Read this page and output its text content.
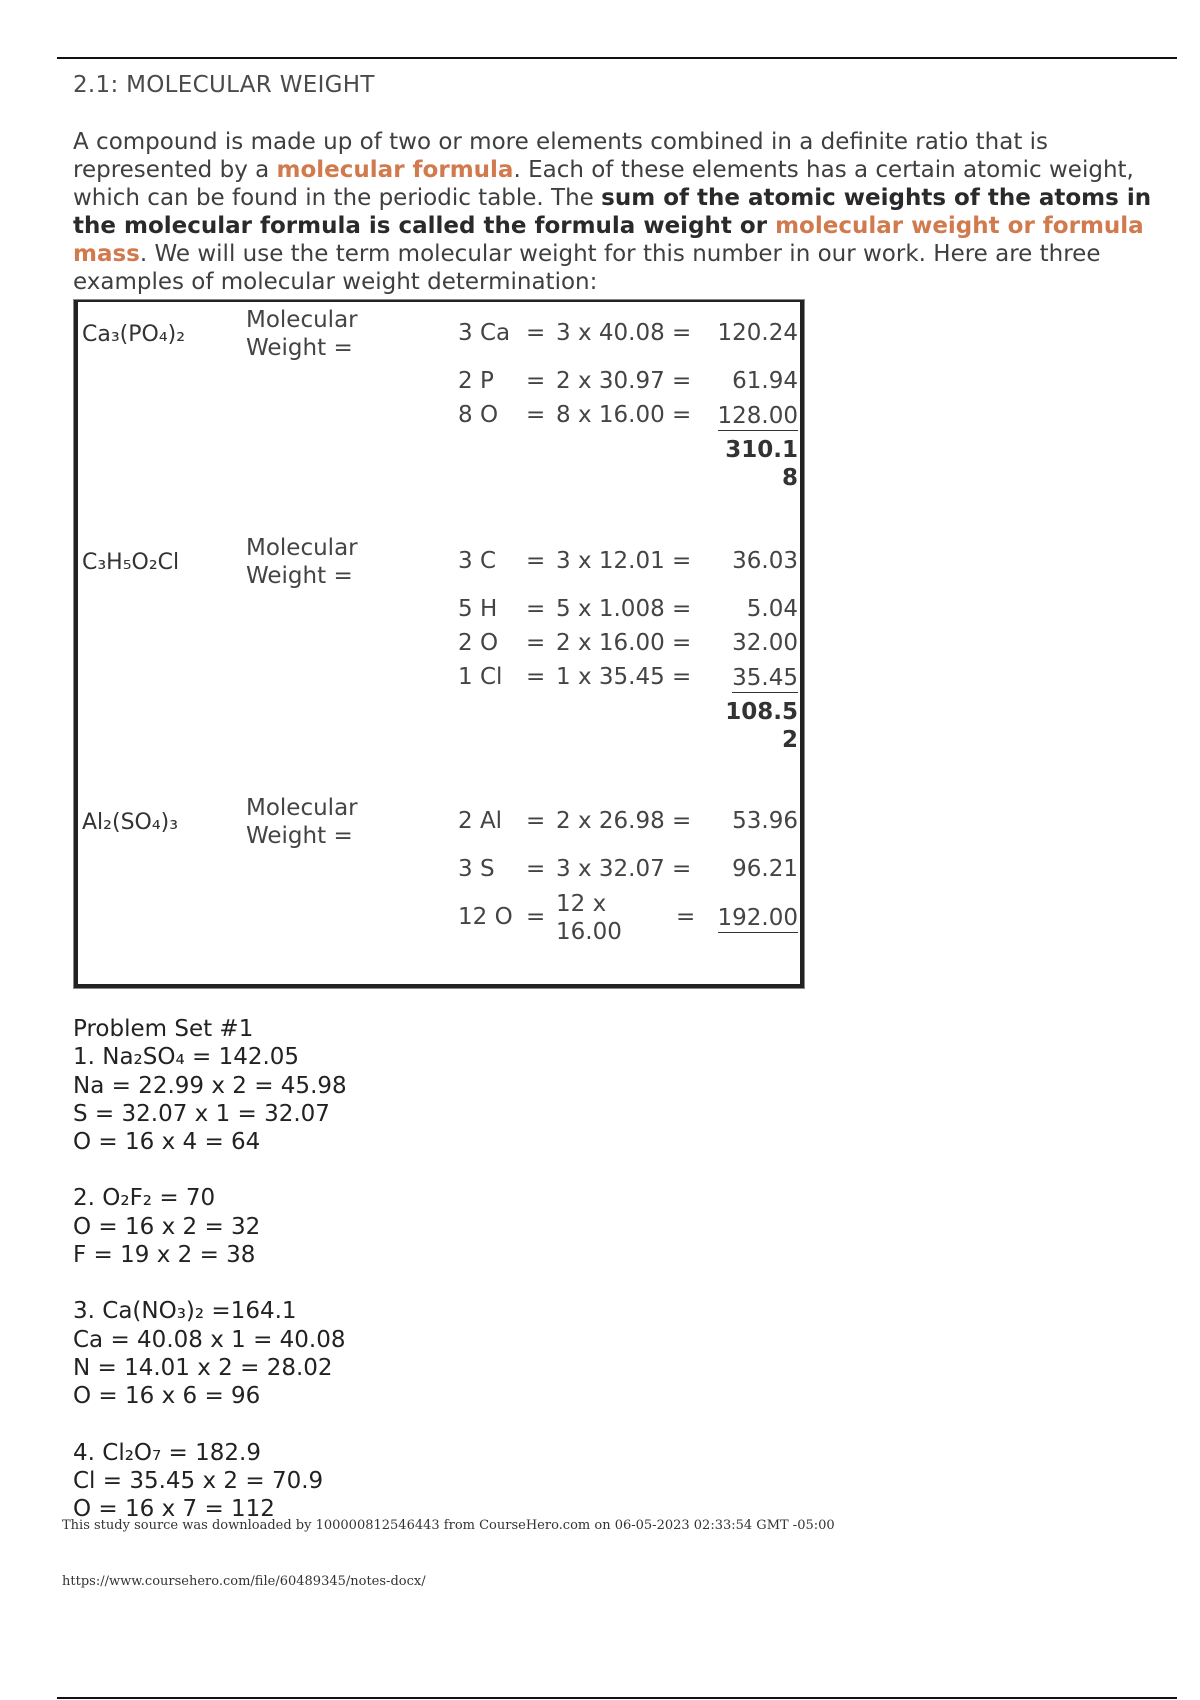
2.1: MOLECULAR WEIGHT
A compound is made up of two or more elements combined in a definite ratio that is represented by a molecular formula. Each of these elements has a certain atomic weight, which can be found in the periodic table. The sum of the atomic weights of the atoms in the molecular formula is called the formula weight or molecular weight or formula mass. We will use the term molecular weight for this number in our work. Here are three examples of molecular weight determination:
Ca₃(PO₄)₂
Molecular Weight =
3 Ca = 3 x 40.08 = 120.24
2 P = 2 x 30.97 = 61.94
8 O = 8 x 16.00 = 128.00
310.1
8
C₃H₅O₂Cl
Molecular Weight =
3 C = 3 x 12.01 = 36.03
5 H = 5 x 1.008 = 5.04
2 O = 2 x 16.00 = 32.00
1 Cl = 1 x 35.45 = 35.45
108.5
2
Al₂(SO₄)₃
Molecular Weight =
2 Al = 2 x 26.98 = 53.96
3 S = 3 x 32.07 = 96.21
12 O =	= 192.00
12 x
16.00
Problem Set #1
1. Na₂SO₄ = 142.05
Na = 22.99 x 2 = 45.98
S = 32.07 x 1 = 32.07
O = 16 x 4 = 64
2. O₂F₂ = 70
O = 16 x 2 = 32
F = 19 x 2 = 38
3. Ca(NO₃)₂ =164.1
Ca = 40.08 x 1 = 40.08
N = 14.01 x 2 = 28.02
O = 16 x 6 = 96
4. Cl₂O₇ = 182.9
Cl = 35.45 x 2 = 70.9
O = 16 x 7 = 112
This study source was downloaded by 100000812546443 from CourseHero.com on 06-05-2023 02:33:54 GMT -05:00
https://www.coursehero.com/file/60489345/notes-docx/
